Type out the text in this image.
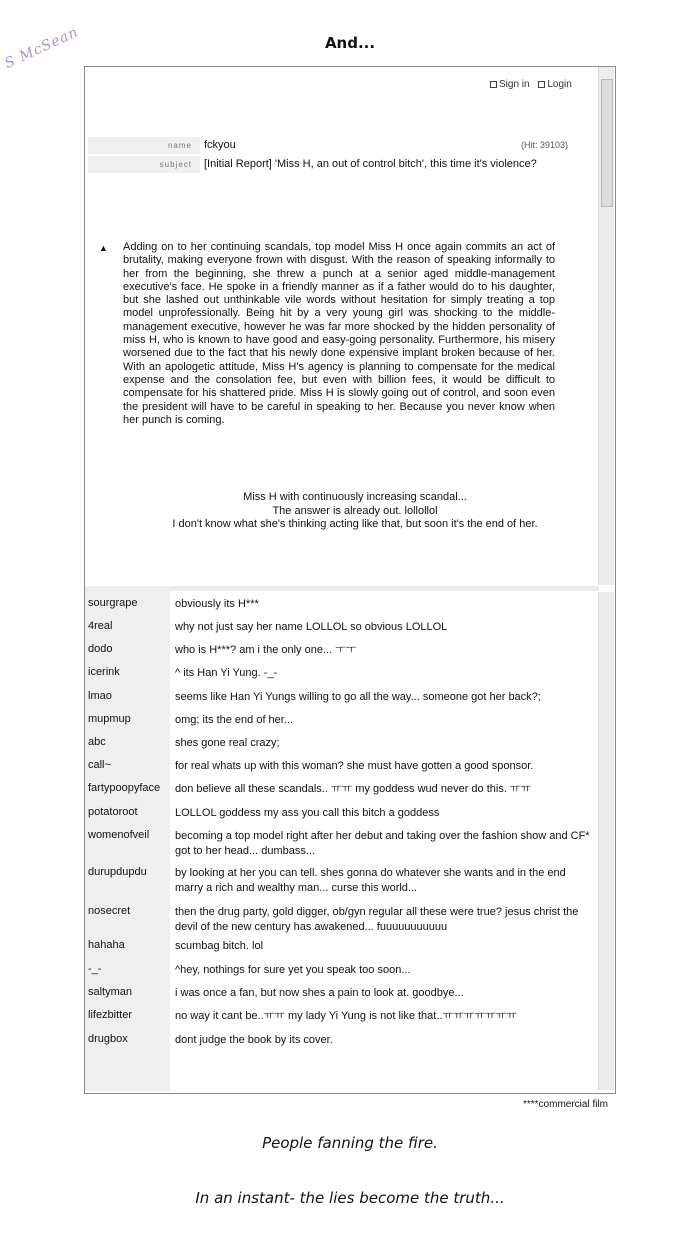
S McSean	And...
Sign in Login
name	fckyou	(Hit: 39103)
subject	[Initial Report] 'Miss H, an out of control bitch', this time it's violence?
▲ Adding on to her continuing scandals, top model Miss H once again commits an act of brutality, making everyone frown with disgust. With the reason of speaking informally to her from the beginning, she threw a punch at a senior aged middle-management executive's face. He spoke in a friendly manner as if a father would do to his daughter, but she lashed out unthinkable vile words without hesitation for simply treating a top model unprofessionally. Being hit by a very young girl was shocking to the middle-management executive, however he was far more shocked by the hidden personality of miss H, who is known to have good and easy-going personality. Furthermore, his misery worsened due to the fact that his newly done expensive implant broken because of her. With an apologetic attitude, Miss H's agency is planning to compensate for the medical expense and the consolation fee, but even with billion fees, it would be difficult to compensate for his shattered pride. Miss H is slowly going out of control, and soon even the president will have to be careful in speaking to her. Because you never know when her punch is coming.
Miss H with continuously increasing scandal...
The answer is already out. lollollol
I don't know what she's thinking acting like that, but soon it's the end of her.
sourgrape	obviously its H***
4real	why not just say her name LOLLOL so obvious LOLLOL
dodo	who is H***? am i the only one... ㅜㅜ
icerink	^ its Han Yi Yung. -_-
lmao	seems like Han Yi Yungs willing to go all the way... someone got her back?;
mupmup	omg; its the end of her...
abc	shes gone real crazy;
call~	for real whats up with this woman? she must have gotten a good sponsor.
fartypoopyface	don believe all these scandals.. ㅠㅠ my goddess wud never do this. ㅠㅠ
potatoroot	LOLLOL goddess my ass you call this bitch a goddess
womenofveil	becoming a top model right after her debut and taking over the fashion show and CF* got to her head... dumbass...
durupdupdu	by looking at her you can tell. shes gonna do whatever she wants and in the end marry a rich and wealthy man... curse this world...
nosecret	then the drug party, gold digger, ob/gyn regular all these were true? jesus christ the devil of the new century has awakened... fuuuuuuuuuuu
hahaha	scumbag bitch. lol
-_-	^hey, nothings for sure yet you speak too soon...
saltyman	i was once a fan, but now shes a pain to look at. goodbye...
lifezbitter	no way it cant be..ㅠㅠ my lady Yi Yung is not like that..ㅠㅠㅠㅠㅠㅠㅠ
drugbox	dont judge the book by its cover.
****commercial film
People fanning the fire.
In an instant- the lies become the truth...
